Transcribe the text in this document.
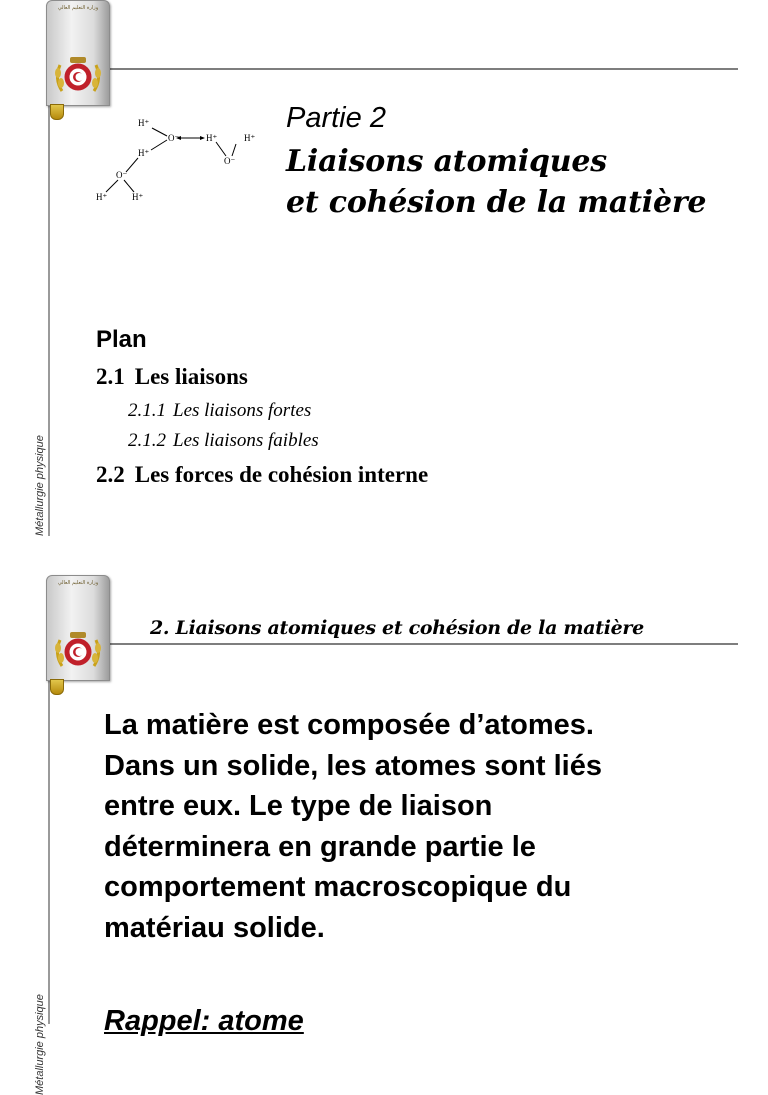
وزارة التعليم العالي
Métallurgie physique
H⁺
O⁻
H⁺
H⁺	H⁺
O⁻
O⁻
H⁺	H⁺
Partie 2
Liaisons atomiques
et cohésion de la matière
Plan
2.1 Les liaisons
2.1.1 Les liaisons fortes
2.1.2 Les liaisons faibles
2.2 Les forces de cohésion interne
وزارة التعليم العالي
Métallurgie physique
2. Liaisons atomiques et cohésion de la matière
La matière est composée d’atomes.
Dans un solide, les atomes sont liés
entre eux. Le type de liaison
déterminera en grande partie le
comportement macroscopique du
matériau solide.
Rappel: atome
